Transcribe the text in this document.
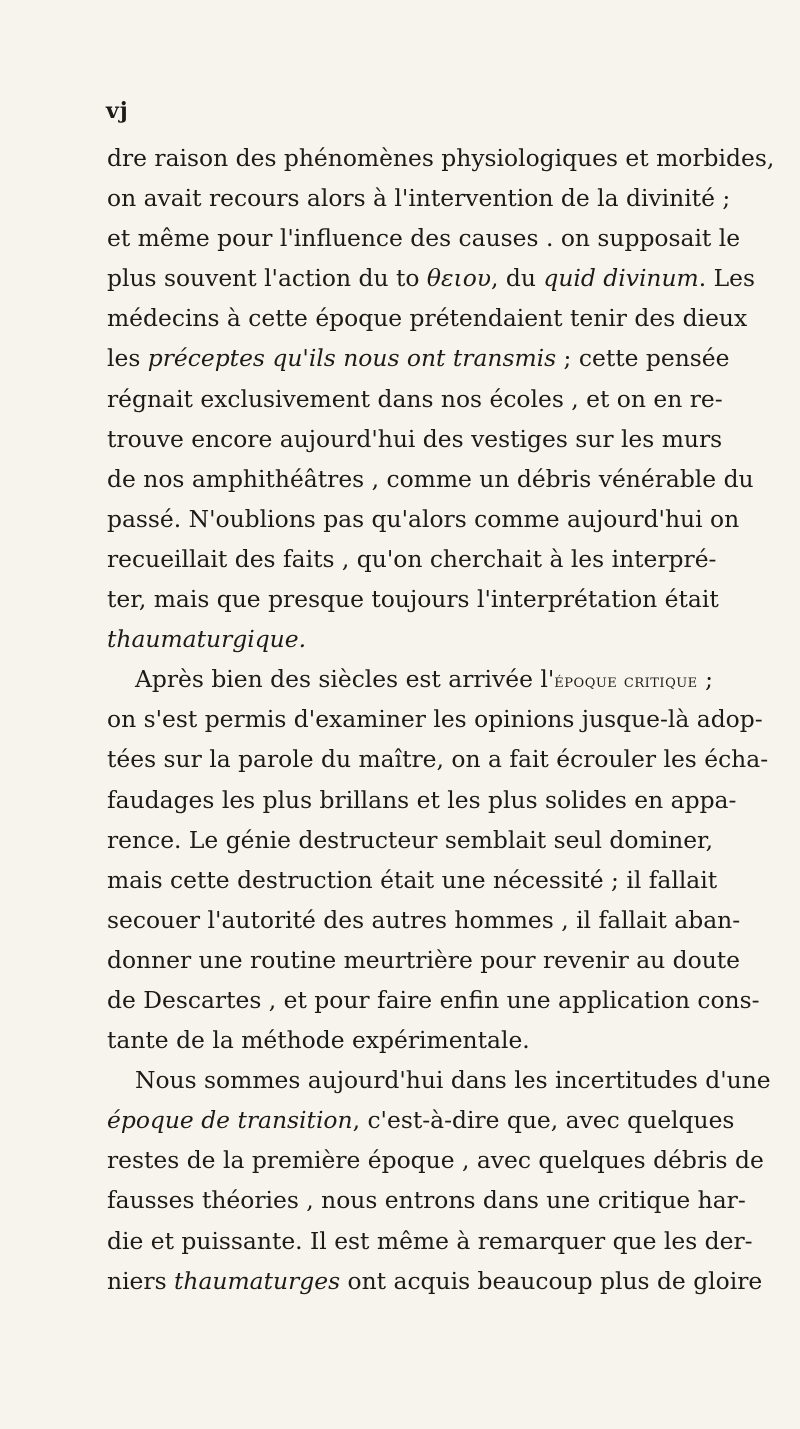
vj
dre raison des phénomènes physiologiques et morbides,
on avait recours alors à l'intervention de la divinité ;
et même pour l'influence des causes . on supposait le
plus souvent l'action du to θειου, du quid divinum. Les
médecins à cette époque prétendaient tenir des dieux
les préceptes qu'ils nous ont transmis ; cette pensée
régnait exclusivement dans nos écoles , et on en re-
trouve encore aujourd'hui des vestiges sur les murs
de nos amphithéâtres , comme un débris vénérable du
passé. N'oublions pas qu'alors comme aujourd'hui on
recueillait des faits , qu'on cherchait à les interpré-
ter, mais que presque toujours l'interprétation était
thaumaturgique.
Après bien des siècles est arrivée l'époque critique ;
on s'est permis d'examiner les opinions jusque-là adop-
tées sur la parole du maître, on a fait écrouler les écha-
faudages les plus brillans et les plus solides en appa-
rence. Le génie destructeur semblait seul dominer,
mais cette destruction était une nécessité ; il fallait
secouer l'autorité des autres hommes , il fallait aban-
donner une routine meurtrière pour revenir au doute
de Descartes , et pour faire enfin une application cons-
tante de la méthode expérimentale.
Nous sommes aujourd'hui dans les incertitudes d'une
époque de transition, c'est-à-dire que, avec quelques
restes de la première époque , avec quelques débris de
fausses théories , nous entrons dans une critique har-
die et puissante. Il est même à remarquer que les der-
niers thaumaturges ont acquis beaucoup plus de gloire
